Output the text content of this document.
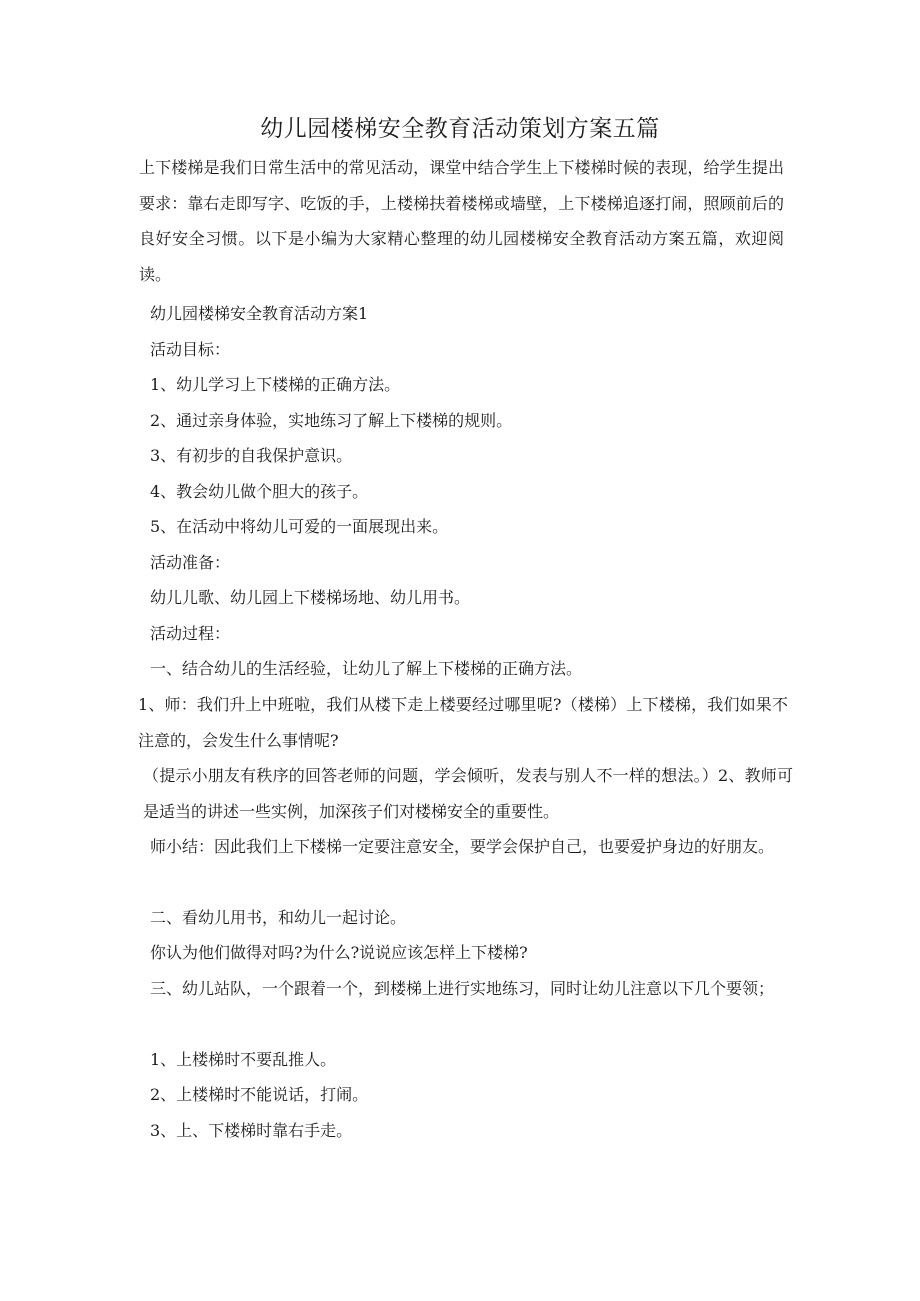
幼儿园楼梯安全教育活动策划方案五篇

上下楼梯是我们日常生活中的常见活动，课堂中结合学生上下楼梯时候的表现，给学生提出要求：靠右走即写字、吃饭的手，上楼梯扶着楼梯或墙壁，上下楼梯追逐打闹，照顾前后的良好安全习惯。以下是小编为大家精心整理的幼儿园楼梯安全教育活动方案五篇，欢迎阅读。

幼儿园楼梯安全教育活动方案1

活动目标：

1、幼儿学习上下楼梯的正确方法。

2、通过亲身体验，实地练习了解上下楼梯的规则。

3、有初步的自我保护意识。

4、教会幼儿做个胆大的孩子。

5、在活动中将幼儿可爱的一面展现出来。

活动准备：

幼儿儿歌、幼儿园上下楼梯场地、幼儿用书。

活动过程：

一、结合幼儿的生活经验，让幼儿了解上下楼梯的正确方法。

1、师：我们升上中班啦，我们从楼下走上楼要经过哪里呢?（楼梯）上下楼梯，我们如果不注意的，会发生什么事情呢?

（提示小朋友有秩序的回答老师的问题，学会倾听，发表与别人不一样的想法。）2、教师可是适当的讲述一些实例，加深孩子们对楼梯安全的重要性。

师小结：因此我们上下楼梯一定要注意安全，要学会保护自己，也要爱护身边的好朋友。

二、看幼儿用书，和幼儿一起讨论。

你认为他们做得对吗?为什么?说说应该怎样上下楼梯?

三、幼儿站队，一个跟着一个，到楼梯上进行实地练习，同时让幼儿注意以下几个要领；

1、上楼梯时不要乱推人。

2、上楼梯时不能说话，打闹。

3、上、下楼梯时靠右手走。
